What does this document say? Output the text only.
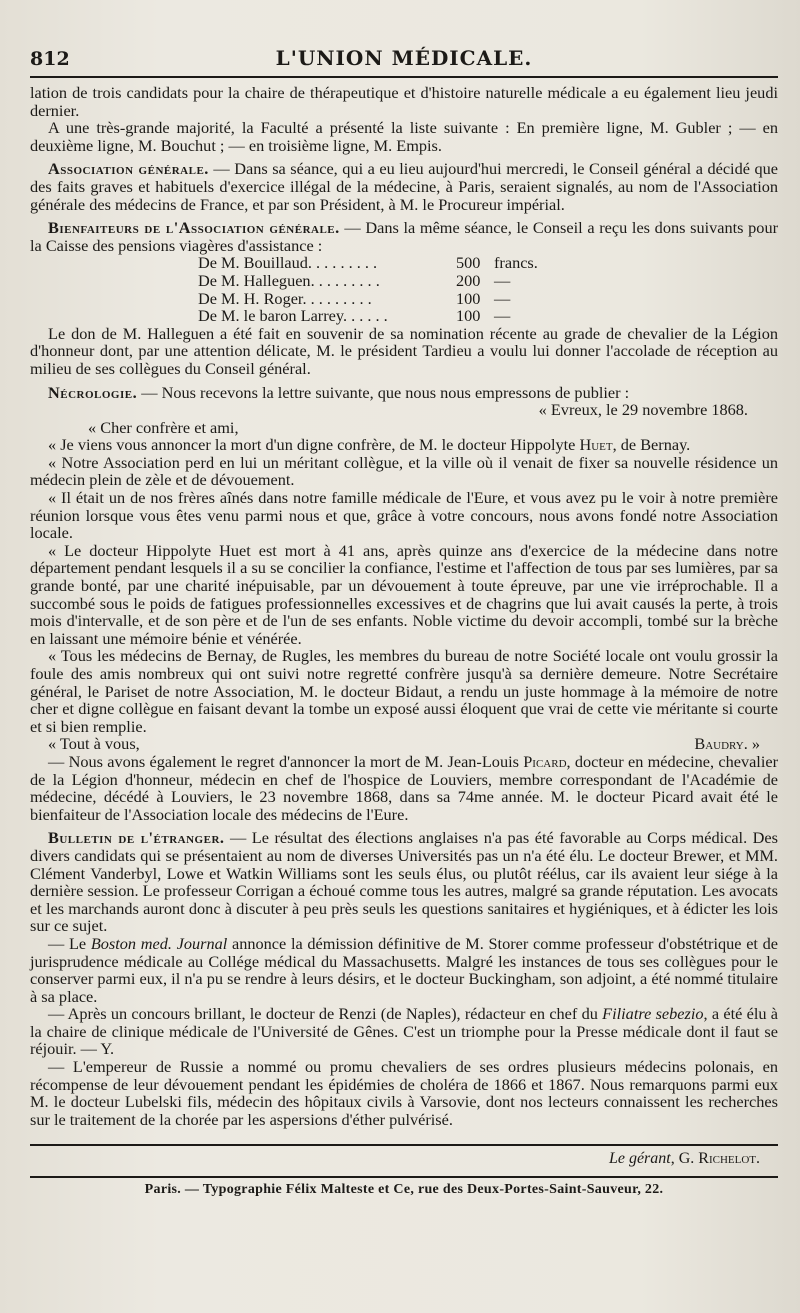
812	L'UNION MÉDICALE.

lation de trois candidats pour la chaire de thérapeutique et d'histoire naturelle médicale a eu également lieu jeudi dernier.

A une très-grande majorité, la Faculté a présenté la liste suivante : En première ligne, M. Gubler ; — en deuxième ligne, M. Bouchut ; — en troisième ligne, M. Empis.

Association générale. — Dans sa séance, qui a eu lieu aujourd'hui mercredi, le Conseil général a décidé que des faits graves et habituels d'exercice illégal de la médecine, à Paris, seraient signalés, au nom de l'Association générale des médecins de France, et par son Président, à M. le Procureur impérial.

Bienfaiteurs de l'Association générale. — Dans la même séance, le Conseil a reçu les dons suivants pour la Caisse des pensions viagères d'assistance :

De M. Bouillaud. . . . . . . . .	500	francs.
De M. Halleguen. . . . . . . . .	200	—
De M. H. Roger. . . . . . . . .	100	—
De M. le baron Larrey. . . . . .	100	—

Le don de M. Halleguen a été fait en souvenir de sa nomination récente au grade de chevalier de la Légion d'honneur dont, par une attention délicate, M. le président Tardieu a voulu lui donner l'accolade de réception au milieu de ses collègues du Conseil général.

Nécrologie. — Nous recevons la lettre suivante, que nous nous empressons de publier :

« Evreux, le 29 novembre 1868.

« Cher confrère et ami,

« Je viens vous annoncer la mort d'un digne confrère, de M. le docteur Hippolyte Huet, de Bernay.

« Notre Association perd en lui un méritant collègue, et la ville où il venait de fixer sa nouvelle résidence un médecin plein de zèle et de dévouement.

« Il était un de nos frères aînés dans notre famille médicale de l'Eure, et vous avez pu le voir à notre première réunion lorsque vous êtes venu parmi nous et que, grâce à votre concours, nous avons fondé notre Association locale.

« Le docteur Hippolyte Huet est mort à 41 ans, après quinze ans d'exercice de la médecine dans notre département pendant lesquels il a su se concilier la confiance, l'estime et l'affection de tous par ses lumières, par sa grande bonté, par une charité inépuisable, par un dévouement à toute épreuve, par une vie irréprochable. Il a succombé sous le poids de fatigues professionnelles excessives et de chagrins que lui avait causés la perte, à trois mois d'intervalle, et de son père et de l'un de ses enfants. Noble victime du devoir accompli, tombé sur la brèche en laissant une mémoire bénie et vénérée.

« Tous les médecins de Bernay, de Rugles, les membres du bureau de notre Société locale ont voulu grossir la foule des amis nombreux qui ont suivi notre regretté confrère jusqu'à sa dernière demeure. Notre Secrétaire général, le Pariset de notre Association, M. le docteur Bidaut, a rendu un juste hommage à la mémoire de notre cher et digne collègue en faisant devant la tombe un exposé aussi éloquent que vrai de cette vie méritante si courte et si bien remplie.

« Tout à vous,	Baudry. »

— Nous avons également le regret d'annoncer la mort de M. Jean-Louis Picard, docteur en médecine, chevalier de la Légion d'honneur, médecin en chef de l'hospice de Louviers, membre correspondant de l'Académie de médecine, décédé à Louviers, le 23 novembre 1868, dans sa 74me année. M. le docteur Picard avait été le bienfaiteur de l'Association locale des médecins de l'Eure.

Bulletin de l'étranger. — Le résultat des élections anglaises n'a pas été favorable au Corps médical. Des divers candidats qui se présentaient au nom de diverses Universités pas un n'a été élu. Le docteur Brewer, et MM. Clément Vanderbyl, Lowe et Watkin Williams sont les seuls élus, ou plutôt réélus, car ils avaient leur siége à la dernière session. Le professeur Corrigan a échoué comme tous les autres, malgré sa grande réputation. Les avocats et les marchands auront donc à discuter à peu près seuls les questions sanitaires et hygiéniques, et à édicter les lois sur ce sujet.

— Le Boston med. Journal annonce la démission définitive de M. Storer comme professeur d'obstétrique et de jurisprudence médicale au Collége médical du Massachusetts. Malgré les instances de tous ses collègues pour le conserver parmi eux, il n'a pu se rendre à leurs désirs, et le docteur Buckingham, son adjoint, a été nommé titulaire à sa place.

— Après un concours brillant, le docteur de Renzi (de Naples), rédacteur en chef du Filiatre sebezio, a été élu à la chaire de clinique médicale de l'Université de Gênes. C'est un triomphe pour la Presse médicale dont il faut se réjouir. — Y.

— L'empereur de Russie a nommé ou promu chevaliers de ses ordres plusieurs médecins polonais, en récompense de leur dévouement pendant les épidémies de choléra de 1866 et 1867. Nous remarquons parmi eux M. le docteur Lubelski fils, médecin des hôpitaux civils à Varsovie, dont nos lecteurs connaissent les recherches sur le traitement de la chorée par les aspersions d'éther pulvérisé.

Le gérant, G. Richelot.
Paris. — Typographie Félix Malteste et Ce, rue des Deux-Portes-Saint-Sauveur, 22.
